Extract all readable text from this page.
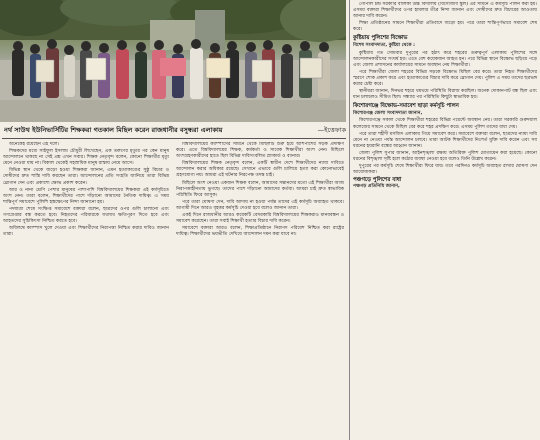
নর্থ সাউথ ইউনিভার্সিটির শিক্ষকরা গতকাল মিছিল করেন রাজধানীর বসুন্ধরা এলাকায়	—ইত্তেফাক

অনেকেই রয়েছেন এই দলে।

শিক্ষকদের মধ্যে সাইফুল ইসলাম চৌধুরী লিখেছেন, এক তরুণের মৃত্যুর পর কেন মানুষ আন্দোলনে থাকছে না সেই প্রশ্ন এখন সবার। শিক্ষক নেতৃবৃন্দ বলেন, কোনো শিক্ষার্থীর মৃত্যু মেনে নেওয়া যায় না। বিকাল থেকেই সহস্রাধিক মানুষ রাস্তায় নেমে আসে।

বিভিন্ন স্থান থেকে জড়ো হওয়া শিক্ষকরা জানান, এমন হত্যাকাণ্ডের সুষ্ঠু বিচার ও দোষীদের দ্রুত শাস্তি দাবি করছেন তারা। আন্দোলনের প্রতি সংহতি জানিয়ে তারা বিভিন্ন স্লোগান দেন এবং প্রকাশ্যে ক্ষোভ প্রকাশ করেন।

আর ও নানা শ্রেণি পেশার মানুষের পাশাপাশি বিশ্ববিদ্যালয়ের শিক্ষকরা এই কর্মসূচিতে অংশ নেন। তারা বলেন, শিক্ষার্থীদের পাশে দাঁড়ানো আমাদের নৈতিক দায়িত্ব। এ সময় শান্তিপূর্ণ সমাবেশে পুলিশি হস্তক্ষেপের নিন্দা জানানো হয়।

পদযাত্রা শেষে সংক্ষিপ্ত সমাবেশে বক্তারা বলেন, ছাত্রদের ওপর গুলি চালানো এবং গণগ্রেপ্তার বন্ধ করতে হবে। নিহতদের পরিবারকে যথাযথ ক্ষতিপূরণ দিতে হবে এবং আহতদের সুচিকিৎসা নিশ্চিত করতে হবে।

অবিলম্বে ক্যাম্পাস খুলে দেওয়া এবং শিক্ষার্থীদের নিরাপত্তা নিশ্চিত করার দাবিও জানান তারা।

বিশ্ববিদ্যালয়ের ক্যাম্পাসের সামনে থেকে মিছিলটি শুরু হয়ে আশপাশের সড়ক প্রদক্ষিণ করে। এতে বিশ্ববিদ্যালয়ের শিক্ষক, কর্মকর্তা ও সাবেক শিক্ষার্থীরা অংশ নেন। মিছিলে অংশগ্রহণকারীদের হাতে ছিল বিভিন্ন দাবিসংবলিত প্ল্যাকার্ড ও ব্যানার।

বিশ্ববিদ্যালয়ের শিক্ষক নেতৃবৃন্দ বলেন, একটি স্বাধীন দেশে শিক্ষার্থীদের ন্যায্য দাবিতে আন্দোলন করার অধিকার রয়েছে। সেখানে এভাবে গুলি চালিয়ে হত্যা করা কোনোভাবেই গ্রহণযোগ্য নয়। আমরা এই ঘটনার নিরপেক্ষ তদন্ত চাই।

মিছিলে অংশ নেওয়া একজন শিক্ষক বলেন, আমাদের সন্তানদের মতো এই শিক্ষার্থীরা আজ নিরাপত্তাহীনতায় ভুগছে। তাদের পাশে দাঁড়ানো আমাদের কর্তব্য। আমরা চাই দ্রুত স্বাভাবিক পরিস্থিতি ফিরে আসুক।

পরে তারা ঘোষণা দেন, দাবি আদায় না হওয়া পর্যন্ত তাদের এই কর্মসূচি অব্যাহত থাকবে। আগামী দিনে আরও বৃহত্তর কর্মসূচি দেওয়া হবে বলেও জানান তারা।

একই দিনে রাজধানীর আরও কয়েকটি বেসরকারি বিশ্ববিদ্যালয়ের শিক্ষকরাও মানববন্ধন ও সমাবেশ করেছেন। তারা সবাই শিক্ষার্থী হত্যার বিচার দাবি করেন।

সমাবেশে বক্তারা আরও বলেন, শিক্ষাপ্রতিষ্ঠানে নিরাপদ পরিবেশ নিশ্চিত করা রাষ্ট্রের দায়িত্ব। শিক্ষার্থীদের ভয়ভীতি দেখিয়ে আন্দোলন দমন করা যাবে না।

গোপাল চন্দ্র সরকারি বালিকা উচ্চ বিদ্যালয় (বিসেজিবি স্কুল) এর সামনে এ কর্মসূচি পালন করা হয়। এসময় বক্তারা শিক্ষার্থীদের ওপর হামলার তীব্র নিন্দা জানান এবং দোষীদের দ্রুত বিচারের আওতায় আনার দাবি করেন।

শিক্ষা প্রতিষ্ঠানের সামনে শিক্ষার্থীরা প্রতিবাদে জড়ো হয়। পরে তারা শান্তিপূর্ণভাবে সমাবেশ শেষ করে।

কুষ্টিয়ায় পুলিশের বিক্ষোভ

বিশেষ সংবাদদাতা, কুষ্টিয়া থেকে :

কুষ্টিয়ায় গত সোমবার দুপুরের পর হঠাৎ করে শহরের গুরুত্বপূর্ণ এলাকায় পুলিশের সঙ্গে আন্দোলনকারীদের সংঘর্ষ হয়। এতে বেশ কয়েকজন আহত হন। পরে বিভিন্ন স্থানে বিক্ষোভ ছড়িয়ে পড়ে এবং জেলা প্রশাসনের কার্যালয়ের সামনে অবস্থান নেয় শিক্ষার্থীরা।

পরে শিক্ষার্থীরা জেলা শহরের বিভিন্ন সড়কে বিক্ষোভ মিছিল বের করে। তারা নিহত শিক্ষার্থীদের স্মরণে শোক প্রকাশ করে এবং হত্যাকাণ্ডের বিচার দাবি করে স্লোগান দেয়। পুলিশ এ সময় তাদের ছত্রভঙ্গ করার চেষ্টা করে।

স্থানীয়রা জানান, দিনভর শহরে থমথমে পরিস্থিতি বিরাজ করছিল। অনেক দোকানপাট বন্ধ ছিল এবং যান চলাচলও সীমিত ছিল। সন্ধ্যার পর পরিস্থিতি কিছুটা স্বাভাবিক হয়।

কিশোরগঞ্জে বিক্ষোভ-সমাবেশ ছাড়া কর্মসূচি পালন

কিশোরগঞ্জ জেলা সংবাদদাতা জানান,

কিশোরগঞ্জে সকাল থেকে শিক্ষার্থীরা শহরের বিভিন্ন পয়েন্টে অবস্থান নেয়। তারা সরকারি গুরুদয়াল কলেজের সামনে থেকে মিছিল বের করে শহর প্রদক্ষিণ করে। এসময় পুলিশ তাদের বাধা দেয়।

পরে তারা শহীদী মসজিদ এলাকায় গিয়ে সমাবেশ করে। সমাবেশে বক্তারা বলেন, ছাত্রদের ন্যায্য দাবি মেনে না নেওয়া পর্যন্ত আন্দোলন চলবে। তারা আটক শিক্ষার্থীদের নিঃশর্ত মুক্তি দাবি করেন এবং সব ধরনের হয়রানি বন্ধের আহ্বান জানান।

জেলা পুলিশ সুপার জানান, আইনশৃঙ্খলা রক্ষায় অতিরিক্ত পুলিশ মোতায়েন করা হয়েছে। কোনো ধরনের বিশৃঙ্খলা সৃষ্টি হলে কঠোর ব্যবস্থা নেওয়া হবে বলেও তিনি উল্লেখ করেন।

দুপুরের পর কর্মসূচি শেষে শিক্ষার্থীরা ফিরে যায়। তবে পরদিনও কর্মসূচি অব্যাহত রাখার ঘোষণা দেন আয়োজকরা।

পঞ্চগড়ে পুলিশের বাধা

পঞ্চগড় প্রতিনিধি জানান,
